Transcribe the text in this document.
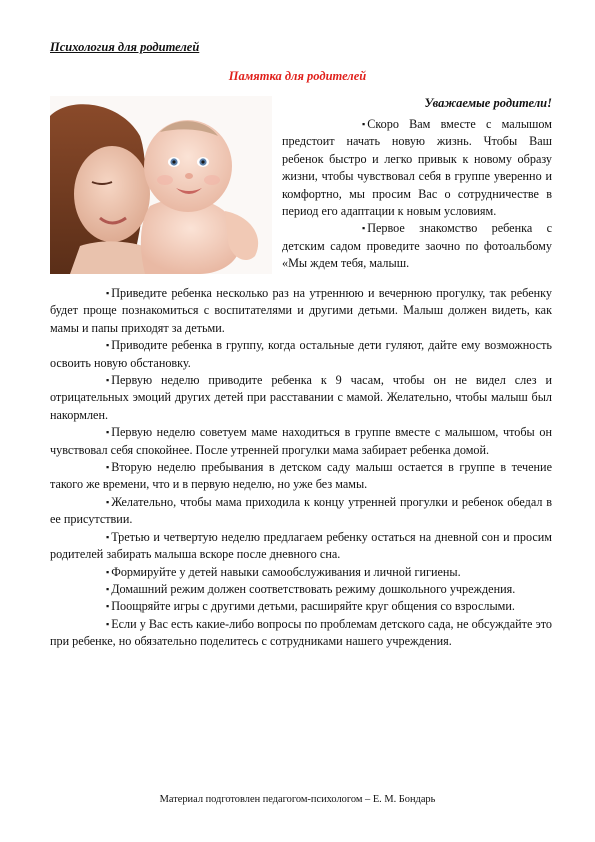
Психология для родителей
Памятка для родителей
Уважаемые родители!

▪ Скоро Вам вместе с малышом предстоит начать новую жизнь. Чтобы Ваш ребенок быстро и легко привык к новому образу жизни, чтобы чувствовал себя в группе уверенно и комфортно, мы просим Вас о сотрудничестве в период его адаптации к новым условиям.

▪ Первое знакомство ребенка с детским садом проведите заочно по фотоальбому «Мы ждем тебя, малыш.

▪ Приведите ребенка несколько раз на утреннюю и вечернюю прогулку, так ребенку будет проще познакомиться с воспитателями и другими детьми. Малыш должен видеть, как мамы и папы приходят за детьми.

▪ Приводите ребенка в группу, когда остальные дети гуляют, дайте ему возможность освоить новую обстановку.

▪ Первую неделю приводите ребенка к 9 часам, чтобы он не видел слез и отрицательных эмоций других детей при расставании с мамой. Желательно, чтобы малыш был накормлен.

▪ Первую неделю советуем маме находиться в группе вместе с малышом, чтобы он чувствовал себя спокойнее. После утренней прогулки мама забирает ребенка домой.

▪ Вторую неделю пребывания в детском саду малыш остается в группе в течение такого же времени, что и в первую неделю, но уже без мамы.

▪ Желательно, чтобы мама приходила к концу утренней прогулки и ребенок обедал в ее присутствии.

▪ Третью и четвертую неделю предлагаем ребенку остаться на дневной сон и просим родителей забирать малыша вскоре после дневного сна.

▪ Формируйте у детей навыки самообслуживания и личной гигиены.

▪ Домашний режим должен соответствовать режиму дошкольного учреждения.

▪ Поощряйте игры с другими детьми, расширяйте круг общения со взрослыми.

▪ Если у Вас есть какие-либо вопросы по проблемам детского сада, не обсуждайте это при ребенке, но обязательно поделитесь с сотрудниками нашего учреждения.

Материал подготовлен педагогом-психологом – Е. М. Бондарь
